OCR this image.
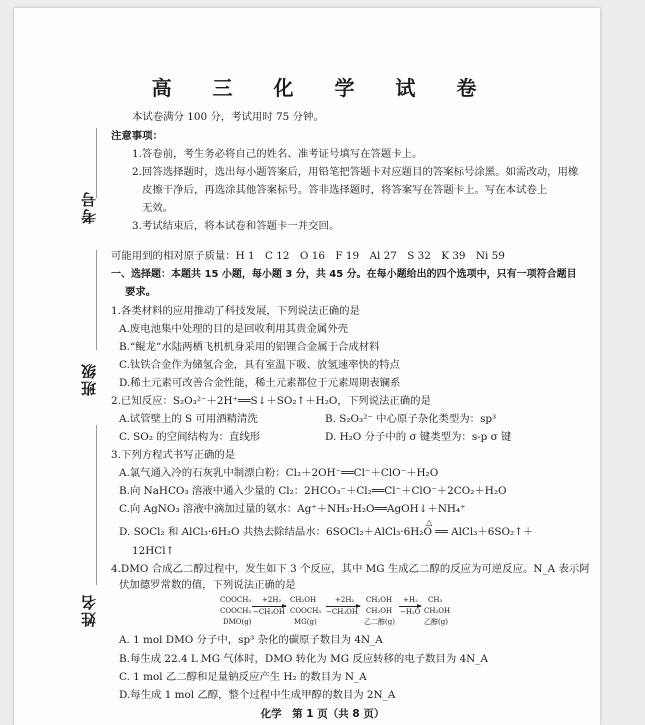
考号
班级
姓名
高 三 化 学 试 卷
本试卷满分 100 分，考试用时 75 分钟。
注意事项：
1.答卷前，考生务必将自己的姓名、准考证号填写在答题卡上。
2.回答选择题时，选出每小题答案后，用铅笔把答题卡对应题目的答案标号涂黑。如需改动，用橡
皮擦干净后，再选涂其他答案标号。答非选择题时，将答案写在答题卡上。写在本试卷上
无效。
3.考试结束后，将本试卷和答题卡一并交回。
可能用到的相对原子质量：H 1　C 12　O 16　F 19　Al 27　S 32　K 39　Ni 59
一、选择题：本题共 15 小题，每小题 3 分，共 45 分。在每小题给出的四个选项中，只有一项符合题目
要求。
1.各类材料的应用推动了科技发展，下列说法正确的是
A.废电池集中处理的目的是回收利用其贵金属外壳
B.“鲲龙”水陆两栖飞机机身采用的铝锂合金属于合成材料
C.钛铁合金作为储氢合金，具有室温下吸、放氢速率快的特点
D.稀土元素可改善合金性能，稀土元素都位于元素周期表镧系
2.已知反应：S₂O₃²⁻＋2H⁺══S↓＋SO₂↑＋H₂O，下列说法正确的是
A.试管壁上的 S 可用酒精清洗	B. S₂O₃²⁻ 中心原子杂化类型为：sp³
C. SO₂ 的空间结构为：直线形	D. H₂O 分子中的 σ 键类型为：s-p σ 键
3.下列方程式书写正确的是
A.氯气通入冷的石灰乳中制漂白粉：Cl₂＋2OH⁻══Cl⁻＋ClO⁻＋H₂O
B.向 NaHCO₃ 溶液中通入少量的 Cl₂：2HCO₃⁻＋Cl₂══Cl⁻＋ClO⁻＋2CO₂＋H₂O
C.向 AgNO₃ 溶液中滴加过量的氨水：Ag⁺＋NH₃·H₂O══AgOH↓＋NH₄⁺
D. SOCl₂ 和 AlCl₃·6H₂O 共热去除结晶水：6SOCl₂＋AlCl₃·6H₂O ══ AlCl₃＋6SO₂↑＋
△
12HCl↑
4.DMO 合成乙二醇过程中，发生如下 3 个反应，其中 MG 生成乙二醇的反应为可逆反应。N_A 表示阿
伏加德罗常数的值，下列说法正确的是
COOCH₃
COOCH₃
DMO(g)
+2H₂
−CH₃OH
CH₂OH
COOCH₃
MG(g)
+2H₂
−CH₃OH
CH₂OH
CH₂OH
乙二醇(g)
+H₂
−H₂O
CH₃
CH₂OH
乙醇(g)
A. 1 mol DMO 分子中，sp³ 杂化的碳原子数目为 4N_A
B.每生成 22.4 L MG 气体时，DMO 转化为 MG 反应转移的电子数目为 4N_A
C. 1 mol 乙二醇和足量钠反应产生 H₂ 的数目为 N_A
D.每生成 1 mol 乙醇，整个过程中生成甲醇的数目为 2N_A
化学　第 1 页（共 8 页）
